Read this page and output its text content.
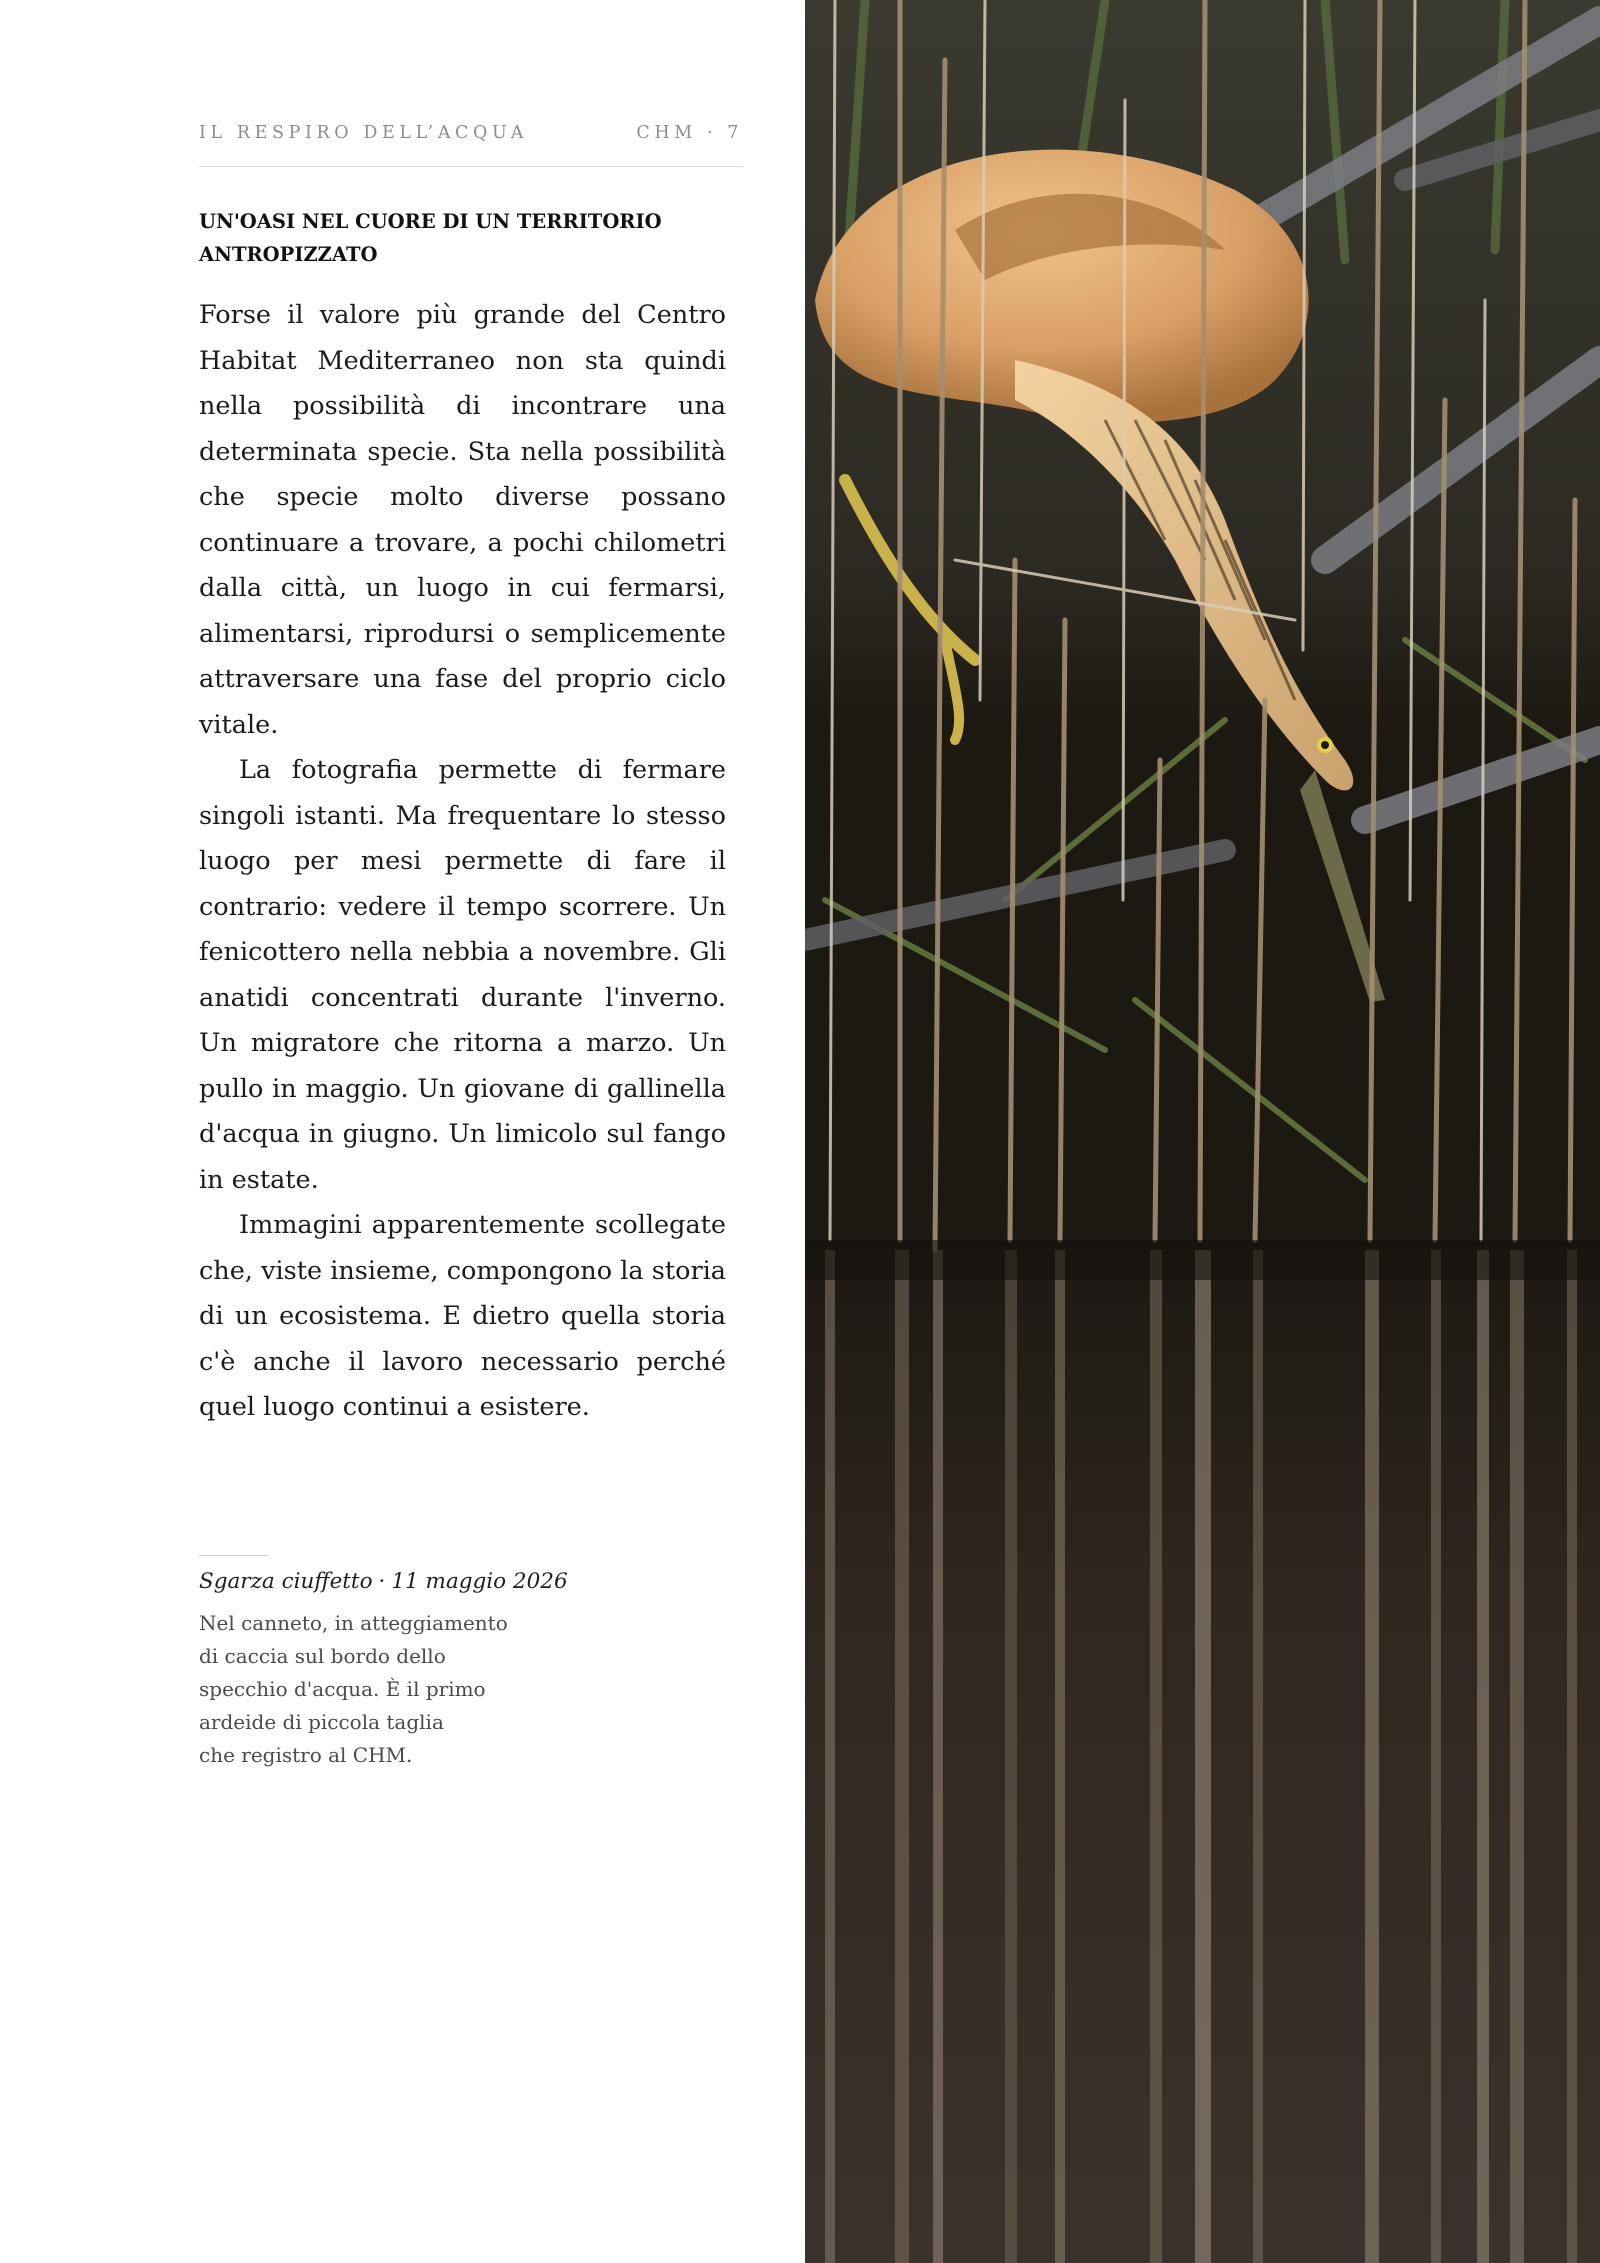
IL RESPIRO DELL’ACQUA	CHM · 7
UN'OASI NEL CUORE DI UN TERRITORIO ANTROPIZZATO

Forse il valore più grande del Centro Habitat Mediterraneo non sta quindi nella possibilità di incontrare una determinata specie. Sta nella possibilità che specie molto diverse possano continuare a trovare, a pochi chilometri dalla città, un luogo in cui fermarsi, alimentarsi, riprodursi o semplicemente attraversare una fase del proprio ciclo vitale.

La fotografia permette di fermare singoli istanti. Ma frequentare lo stesso luogo per mesi permette di fare il contrario: vedere il tempo scorrere. Un fenicottero nella nebbia a novembre. Gli anatidi concentrati durante l'inverno. Un migratore che ritorna a marzo. Un pullo in maggio. Un giovane di gallinella d'acqua in giugno. Un limicolo sul fango in estate.

Immagini apparentemente scollegate che, viste insieme, compongono la storia di un ecosistema. E dietro quella storia c'è anche il lavoro necessario perché quel luogo continui a esistere.

Sgarza ciuffetto · 11 maggio 2026
Nel canneto, in atteggiamento
di caccia sul bordo dello
specchio d'acqua. È il primo
ardeide di piccola taglia
che registro al CHM.
